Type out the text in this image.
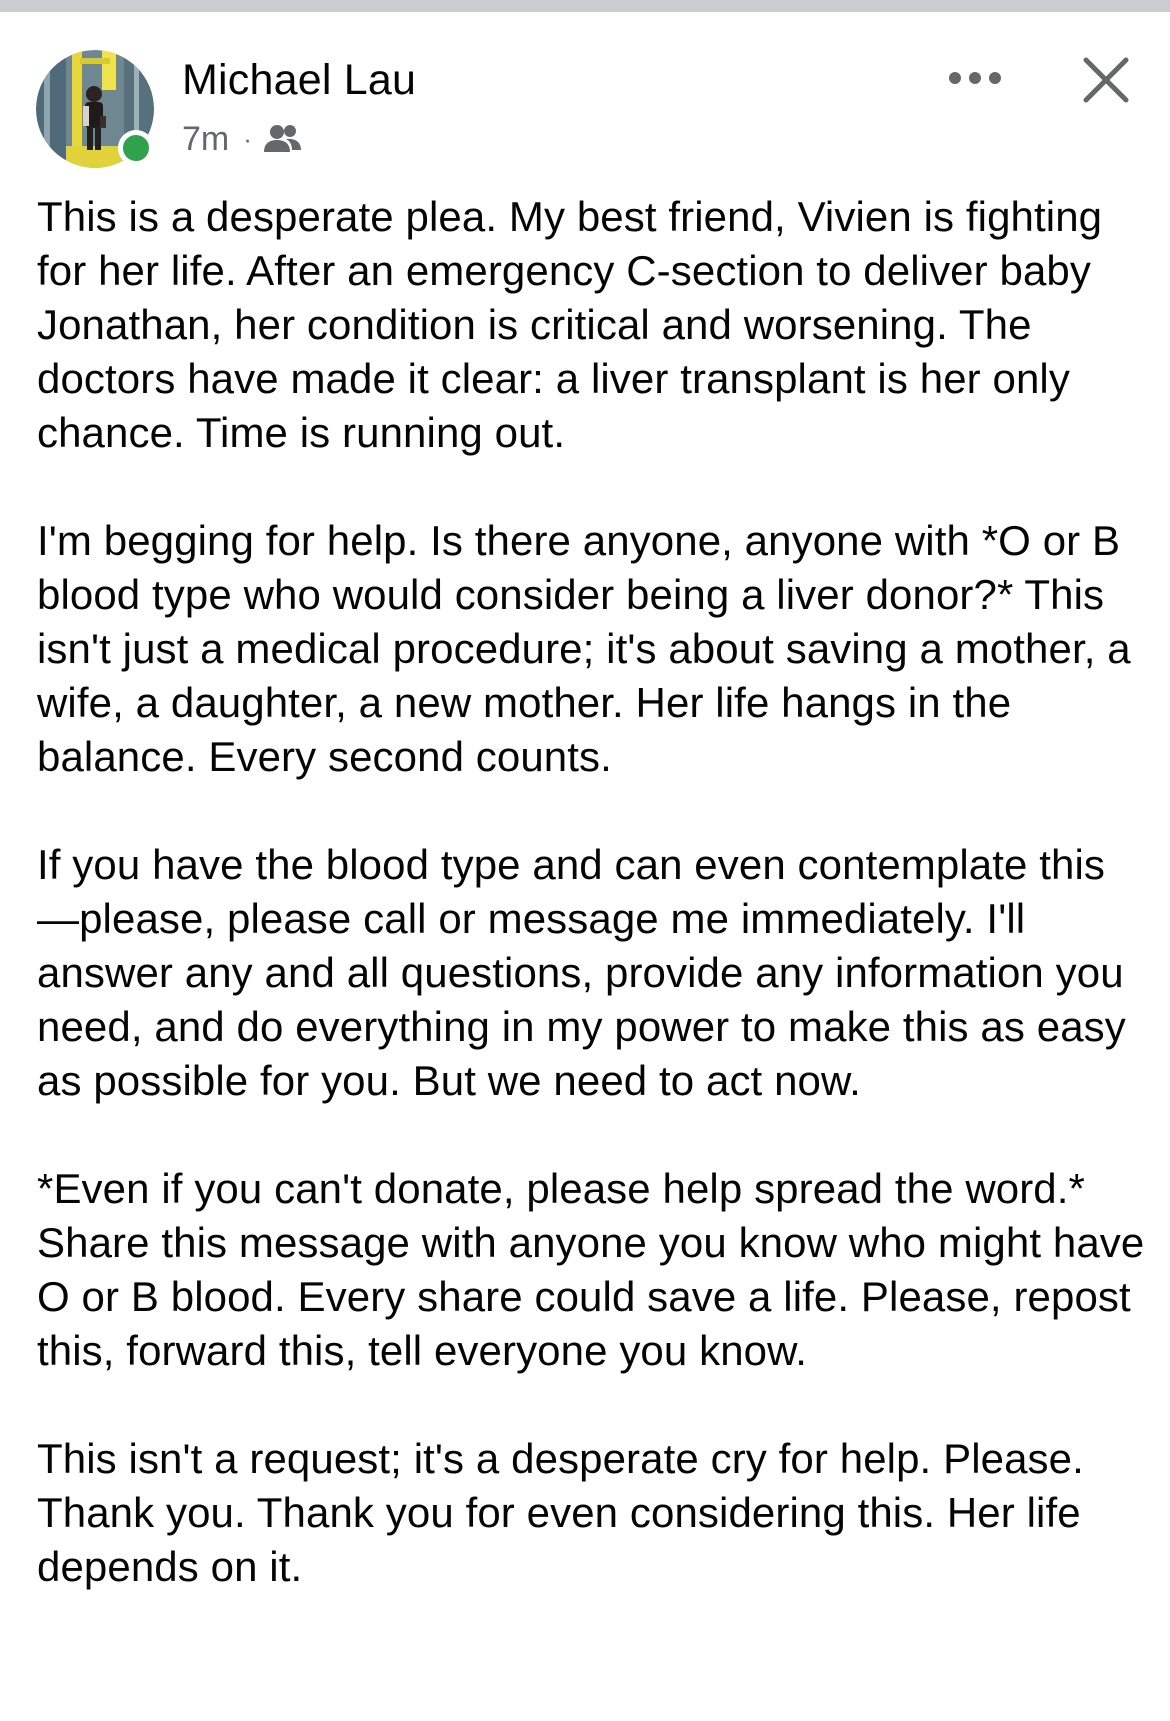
Michael Lau
7m ·

This is a desperate plea. My best friend, Vivien is fighting for her life. After an emergency C-section to deliver baby Jonathan, her condition is critical and worsening. The doctors have made it clear: a liver transplant is her only chance. Time is running out.

I'm begging for help. Is there anyone, anyone with *O or B blood type who would consider being a liver donor?* This isn't just a medical procedure; it's about saving a mother, a wife, a daughter, a new mother. Her life hangs in the balance. Every second counts.

If you have the blood type and can even contemplate this—please, please call or message me immediately. I'll answer any and all questions, provide any information you need, and do everything in my power to make this as easy as possible for you. But we need to act now.

*Even if you can't donate, please help spread the word.* Share this message with anyone you know who might have O or B blood. Every share could save a life. Please, repost this, forward this, tell everyone you know.

This isn't a request; it's a desperate cry for help. Please. Thank you. Thank you for even considering this. Her life depends on it.
